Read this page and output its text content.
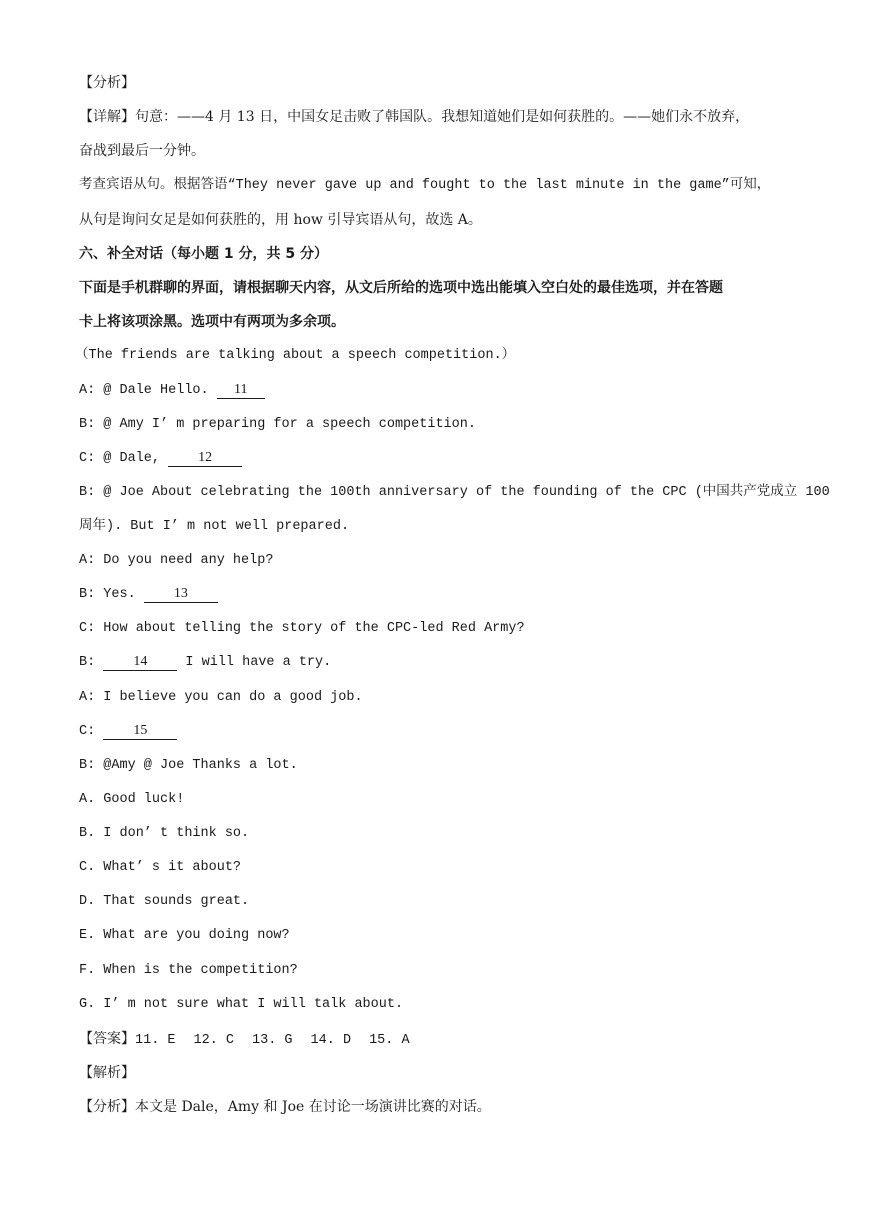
【分析】
【详解】句意：——4 月 13 日，中国女足击败了韩国队。我想知道她们是如何获胜的。——她们永不放弃，
奋战到最后一分钟。
考查宾语从句。根据答语“They never gave up and fought to the last minute in the game”可知，
从句是询问女足是如何获胜的，用 how 引导宾语从句，故选 A。
六、补全对话（每小题 1 分，共 5 分）
下面是手机群聊的界面，请根据聊天内容，从文后所给的选项中选出能填入空白处的最佳选项，并在答题
卡上将该项涂黑。选项中有两项为多余项。
（The friends are talking about a speech competition.）
A: @ Dale Hello. 11
B: @ Amy I’ m preparing for a speech competition.
C: @ Dale, 12
B: @ Joe About celebrating the 100th anniversary of the founding of the CPC (中国共产党成立 100
周年). But I’ m not well prepared.
A: Do you need any help?
B: Yes. 13
C: How about telling the story of the CPC-led Red Army?
B: 14 I will have a try.
A: I believe you can do a good job.
C: 15
B: @Amy @ Joe Thanks a lot.
A. Good luck!
B. I don’ t think so.
C. What’ s it about?
D. That sounds great.
E. What are you doing now?
F. When is the competition?
G. I’ m not sure what I will talk about.
【答案】11. E 12. C 13. G 14. D 15. A
【解析】
【分析】本文是 Dale，Amy 和 Joe 在讨论一场演讲比赛的对话。
